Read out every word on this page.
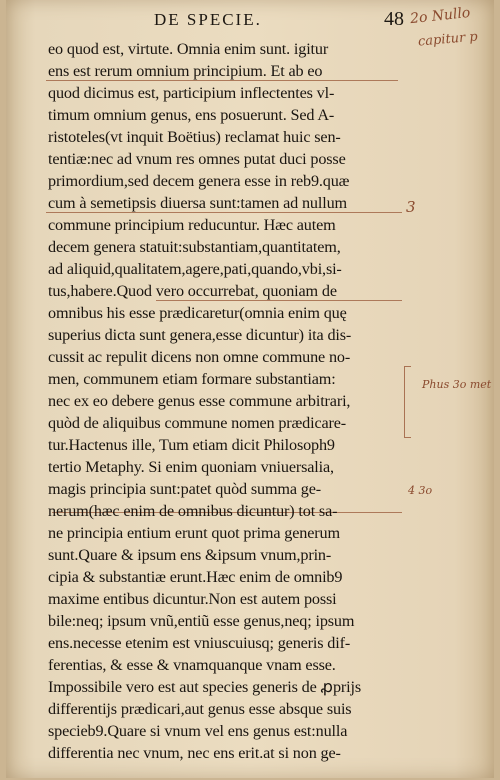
DE SPECIE.	48 2o Nullo
capitur p
3
Phus 3o met
4 3o
eo quod est, virtute. Omnia enim sunt. igitur
ens est rerum omnium principium. Et ab eo
quod dicimus est, participium inflectentes vl-
timum omnium genus, ens posuerunt. Sed A-
ristoteles(vt inquit Boëtius) reclamat huic sen-
tentiæ:nec ad vnum res omnes putat duci posse
primordium,sed decem genera esse in reb9.quæ
cum à semetipsis diuersa sunt:tamen ad nullum
commune principium reducuntur. Hæc autem
decem genera statuit:substantiam,quantitatem,
ad aliquid,qualitatem,agere,pati,quando,vbi,si-
tus,habere.Quod vero occurrebat, quoniam de
omnibus his esse prædicaretur(omnia enim quę
superius dicta sunt genera,esse dicuntur) ita dis-
cussit ac repulit dicens non omne commune no-
men, communem etiam formare substantiam:
nec ex eo debere genus esse commune arbitrari,
quòd de aliquibus commune nomen prædicare-
tur.Hactenus ille, Tum etiam dicit Philosoph9
tertio Metaphy. Si enim quoniam vniuersalia,
magis principia sunt:patet quòd summa ge-
nerum(hæc enim de omnibus dicuntur) tot sa-
ne principia entium erunt quot prima generum
sunt.Quare & ipsum ens &ipsum vnum,prin-
cipia & substantiæ erunt.Hæc enim de omnib9
maxime entibus dicuntur.Non est autem possi
bile:neq; ipsum vnũ,entiũ esse genus,neq; ipsum
ens.necesse etenim est vniuscuiusq; generis dif-
ferentias, & esse & vnamquanque vnam esse.
Impossibile vero est aut species generis de ꝓprijs
differentijs prædicari,aut genus esse absque suis
specieb9.Quare si vnum vel ens genus est:nulla
differentia nec vnum, nec ens erit.at si non ge-
